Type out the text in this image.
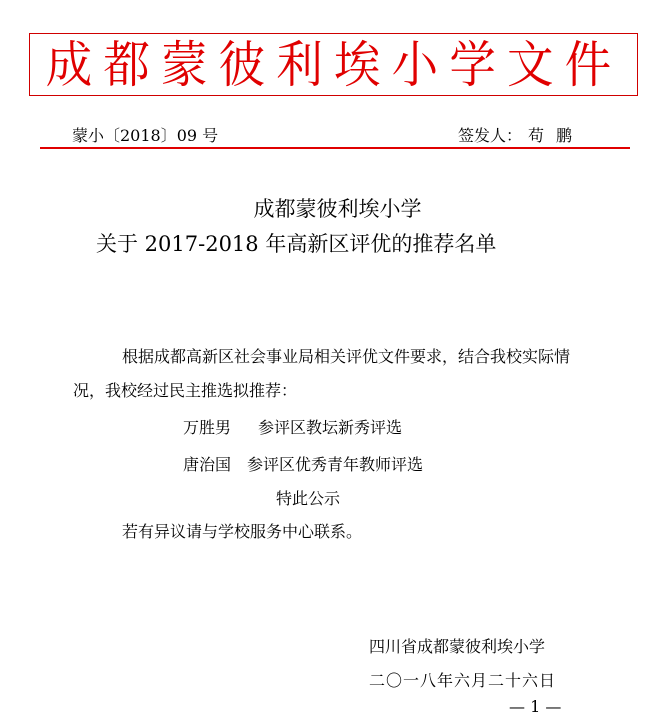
成都蒙彼利埃小学文件
蒙小〔2018〕09 号	签发人： 苟鹏
成都蒙彼利埃小学
关于 2017-2018 年高新区评优的推荐名单
根据成都高新区社会事业局相关评优文件要求，结合我校实际情
况，我校经过民主推选拟推荐：
万胜男 参评区教坛新秀评选
唐治国 参评区优秀青年教师评选
特此公示
若有异议请与学校服务中心联系。
四川省成都蒙彼利埃小学
二〇一八年六月二十六日
— 1 —
